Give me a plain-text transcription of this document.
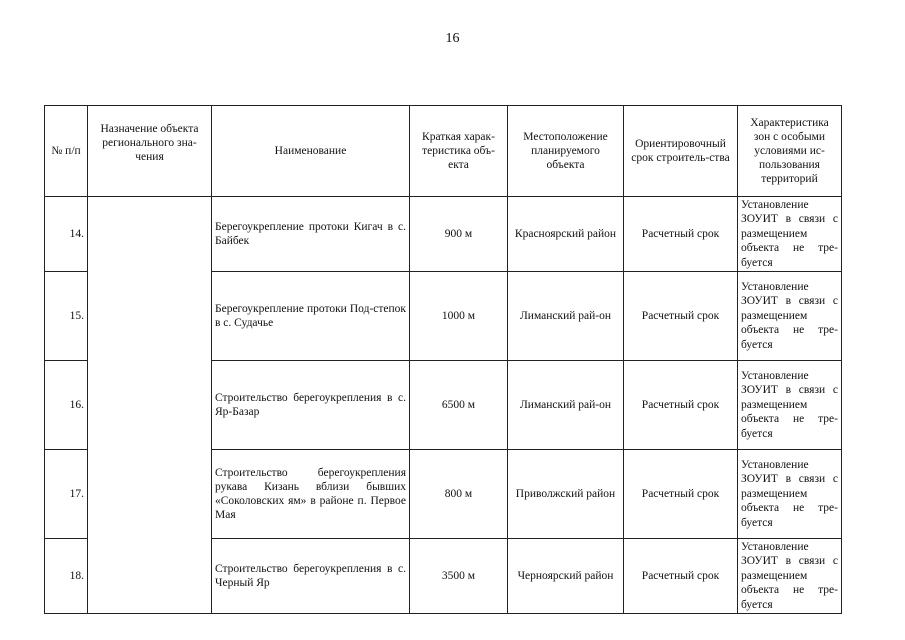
16
№ п/п	Назначение объекта регионального зна-чения	Наименование	Краткая харак-теристика объ-екта	Местоположение планируемого объекта	Ориентировочный срок строитель-ства	Характеристика зон с особыми условиями ис-пользования территорий
14.		Берегоукрепление протоки Кигач в с. Байбек	900 м	Красноярский район	Расчетный срок	Установление ЗОУИТ в связи с размещением объекта не тре-буется
15.		Берегоукрепление протоки Под-степок в с. Судачье	1000 м	Лиманский рай-он	Расчетный срок	Установление ЗОУИТ в связи с размещением объекта не тре-буется
16.		Строительство берегоукрепления в с. Яр-Базар	6500 м	Лиманский рай-он	Расчетный срок	Установление ЗОУИТ в связи с размещением объекта не тре-буется
17.		Строительство берегоукрепления рукава Кизань вблизи бывших «Соколовских ям» в районе п. Первое Мая	800 м	Приволжский район	Расчетный срок	Установление ЗОУИТ в связи с размещением объекта не тре-буется
18.		Строительство берегоукрепления в с. Черный Яр	3500 м	Черноярский район	Расчетный срок	Установление ЗОУИТ в связи с размещением объекта не тре-буется
